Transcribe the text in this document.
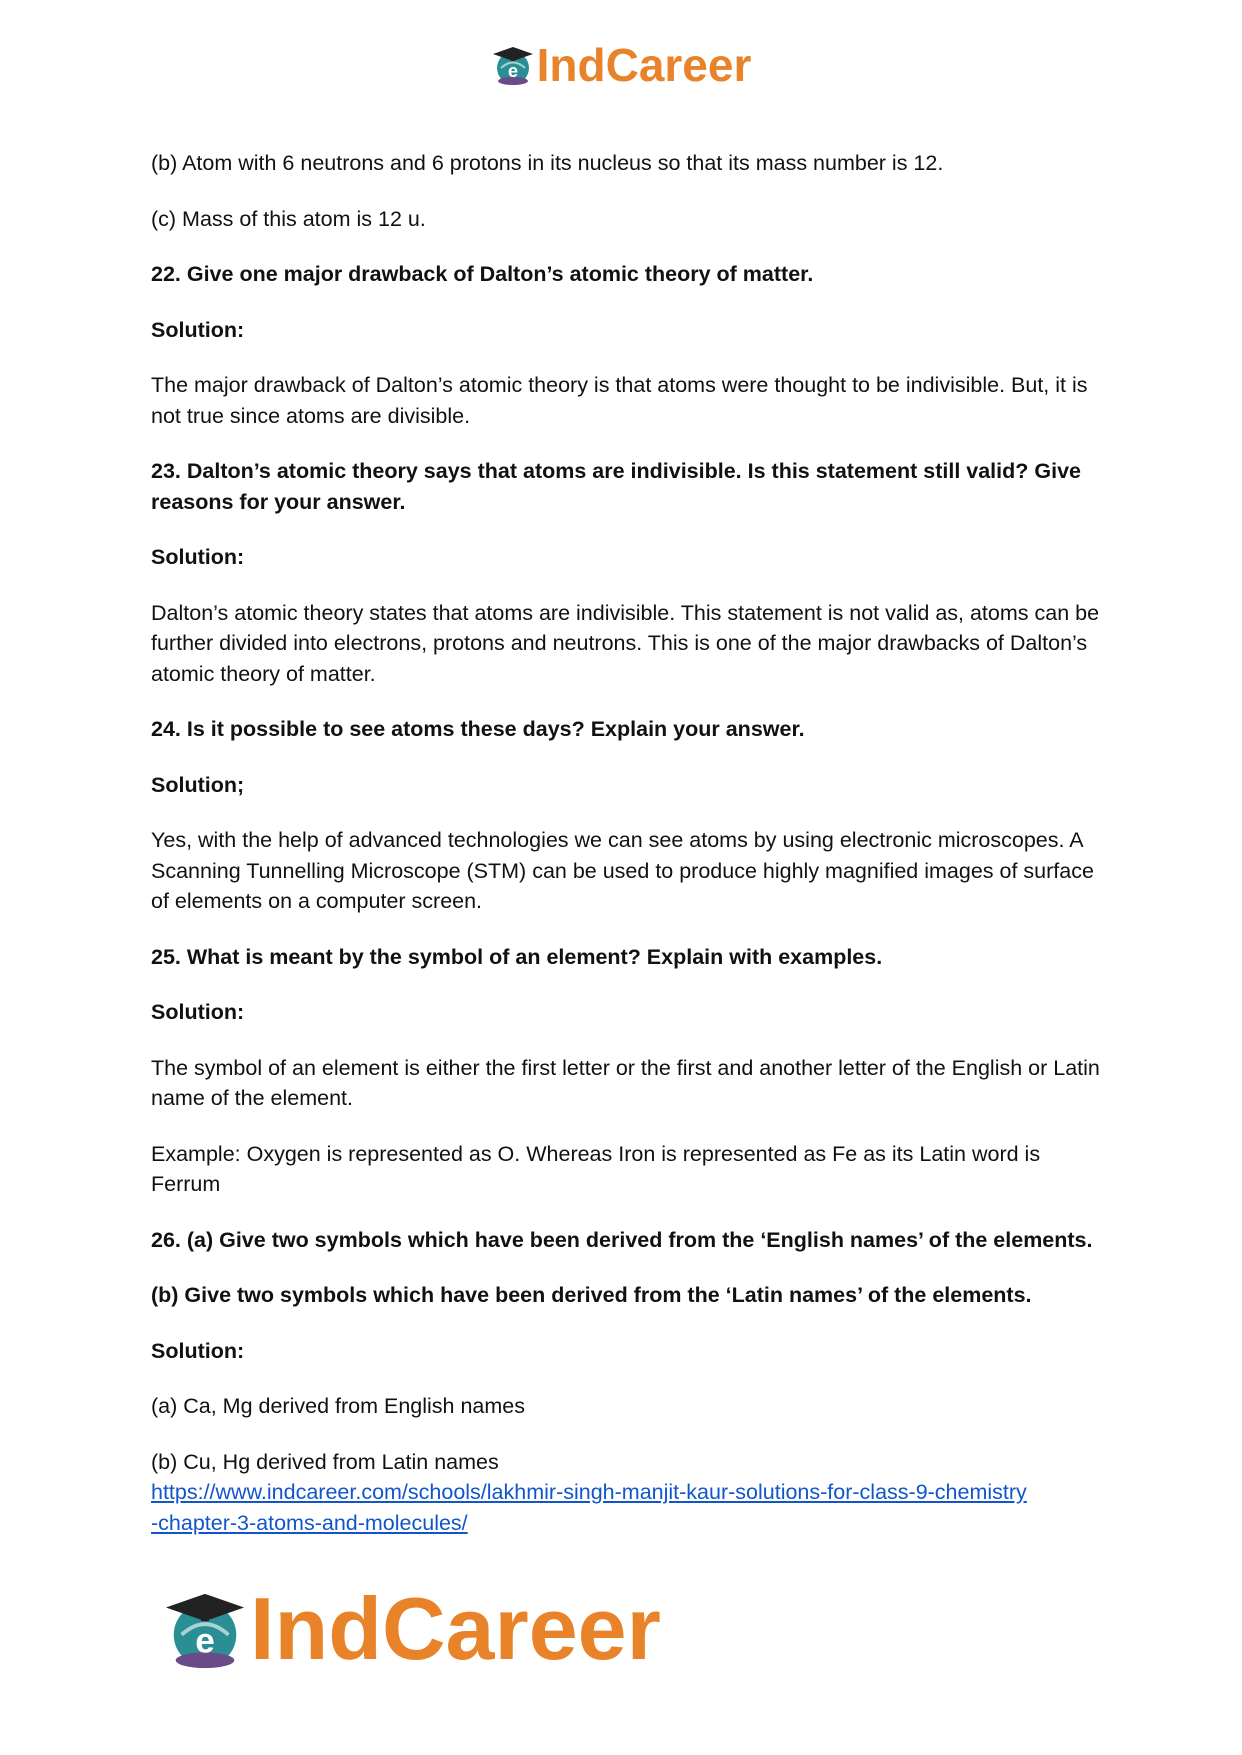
e IndCareer

(b) Atom with 6 neutrons and 6 protons in its nucleus so that its mass number is 12.

(c) Mass of this atom is 12 u.

22. Give one major drawback of Dalton’s atomic theory of matter.

Solution:

The major drawback of Dalton’s atomic theory is that atoms were thought to be indivisible. But, it is not true since atoms are divisible.

23. Dalton’s atomic theory says that atoms are indivisible. Is this statement still valid? Give reasons for your answer.

Solution:

Dalton’s atomic theory states that atoms are indivisible. This statement is not valid as, atoms can be further divided into electrons, protons and neutrons. This is one of the major drawbacks of Dalton’s atomic theory of matter.

24. Is it possible to see atoms these days? Explain your answer.

Solution;

Yes, with the help of advanced technologies we can see atoms by using electronic microscopes. A Scanning Tunnelling Microscope (STM) can be used to produce highly magnified images of surface of elements on a computer screen.

25. What is meant by the symbol of an element? Explain with examples.

Solution:

The symbol of an element is either the first letter or the first and another letter of the English or Latin name of the element.

Example: Oxygen is represented as O. Whereas Iron is represented as Fe as its Latin word is Ferrum

26. (a) Give two symbols which have been derived from the ‘English names’ of the elements.

(b) Give two symbols which have been derived from the ‘Latin names’ of the elements.

Solution:

(a) Ca, Mg derived from English names

(b) Cu, Hg derived from Latin names

https://www.indcareer.com/schools/lakhmir-singh-manjit-kaur-solutions-for-class-9-chemistry
-chapter-3-atoms-and-molecules/
e IndCareer
